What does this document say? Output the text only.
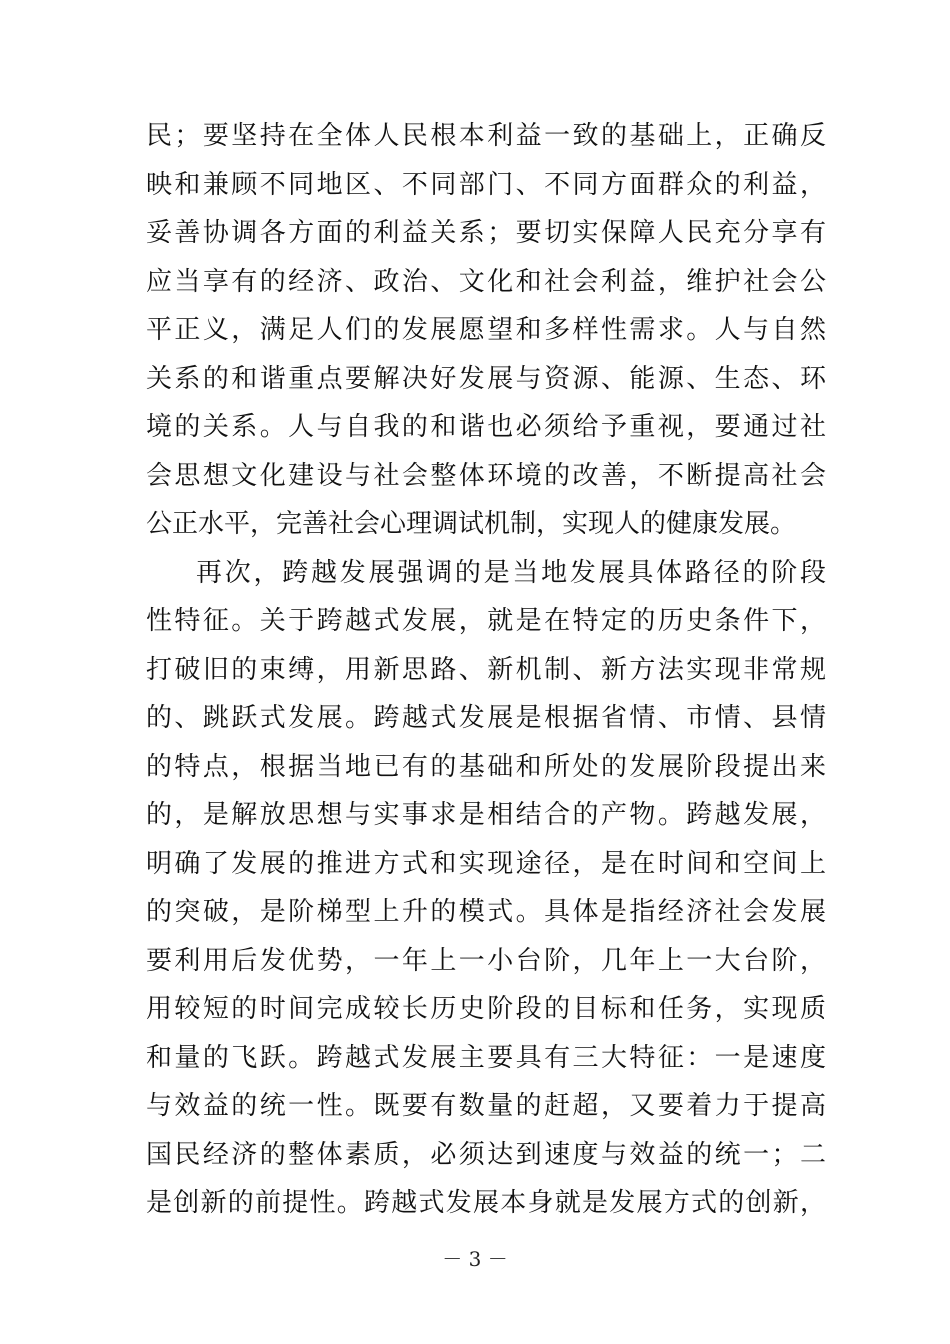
民；要坚持在全体人民根本利益一致的基础上，正确反
映和兼顾不同地区、不同部门、不同方面群众的利益，
妥善协调各方面的利益关系；要切实保障人民充分享有
应当享有的经济、政治、文化和社会利益，维护社会公
平正义，满足人们的发展愿望和多样性需求。人与自然
关系的和谐重点要解决好发展与资源、能源、生态、环
境的关系。人与自我的和谐也必须给予重视，要通过社
会思想文化建设与社会整体环境的改善，不断提高社会
公正水平，完善社会心理调试机制，实现人的健康发展。
再次，跨越发展强调的是当地发展具体路径的阶段
性特征。关于跨越式发展，就是在特定的历史条件下，
打破旧的束缚，用新思路、新机制、新方法实现非常规
的、跳跃式发展。跨越式发展是根据省情、市情、县情
的特点，根据当地已有的基础和所处的发展阶段提出来
的，是解放思想与实事求是相结合的产物。跨越发展，
明确了发展的推进方式和实现途径，是在时间和空间上
的突破，是阶梯型上升的模式。具体是指经济社会发展
要利用后发优势，一年上一小台阶，几年上一大台阶，
用较短的时间完成较长历史阶段的目标和任务，实现质
和量的飞跃。跨越式发展主要具有三大特征：一是速度
与效益的统一性。既要有数量的赶超，又要着力于提高
国民经济的整体素质，必须达到速度与效益的统一；二
是创新的前提性。跨越式发展本身就是发展方式的创新，
－ 3 －
